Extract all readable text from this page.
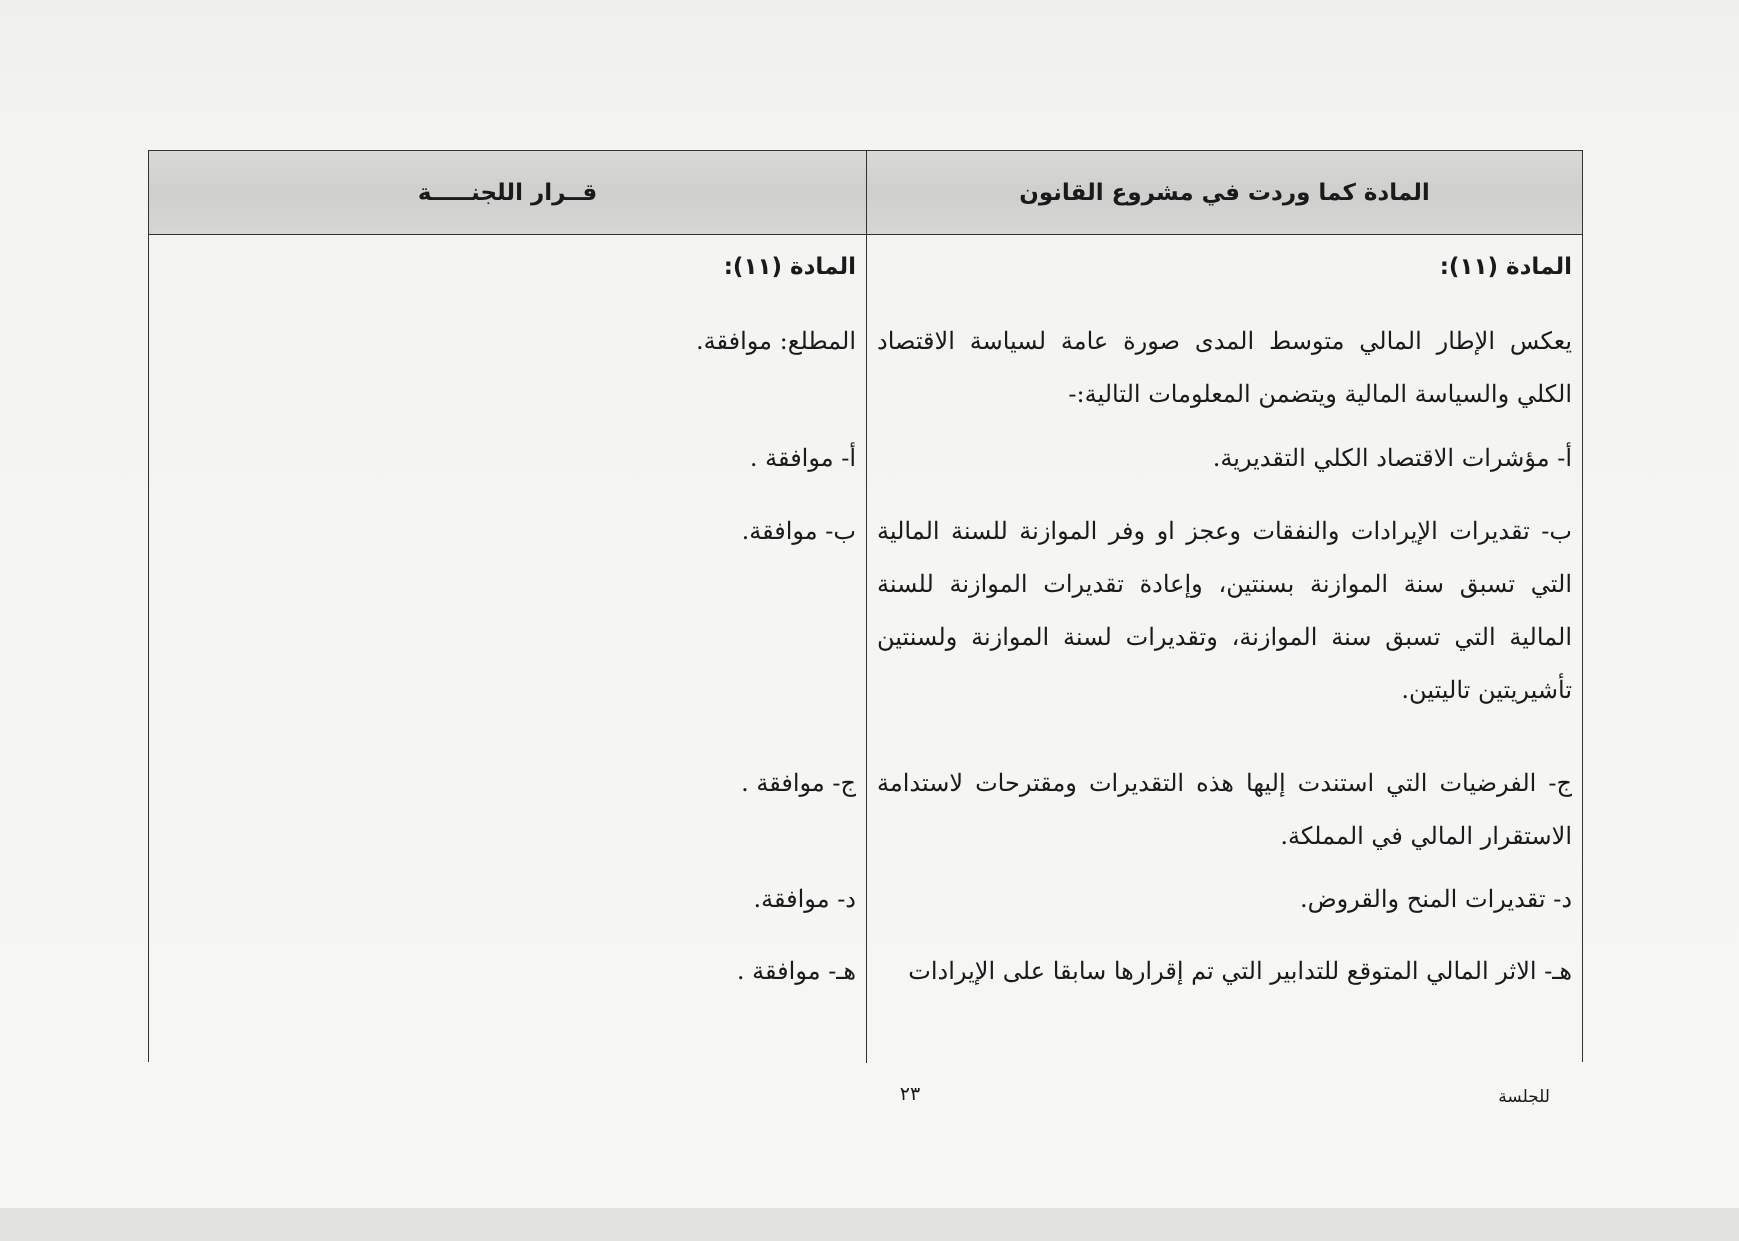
المادة كما وردت في مشروع القانون
قــرار اللجنـــــة

المادة (١١):

يعكس الإطار المالي متوسط المدى صورة عامة لسياسة الاقتصاد الكلي والسياسة المالية ويتضمن المعلومات التالية:-

أ- مؤشرات الاقتصاد الكلي التقديرية.

ب- تقديرات الإيرادات والنفقات وعجز او وفر الموازنة للسنة المالية التي تسبق سنة الموازنة بسنتين، وإعادة تقديرات الموازنة للسنة المالية التي تسبق سنة الموازنة، وتقديرات لسنة الموازنة ولسنتين تأشيريتين تاليتين.

ج- الفرضيات التي استندت إليها هذه التقديرات ومقترحات لاستدامة الاستقرار المالي في المملكة.

د- تقديرات المنح والقروض.

هـ- الاثر المالي المتوقع للتدابير التي تم إقرارها سابقا على الإيرادات

المادة (١١):

المطلع: موافقة.

أ- موافقة .

ب- موافقة.

ج- موافقة .

د- موافقة.

هـ- موافقة .

٢٣	للجلسة
